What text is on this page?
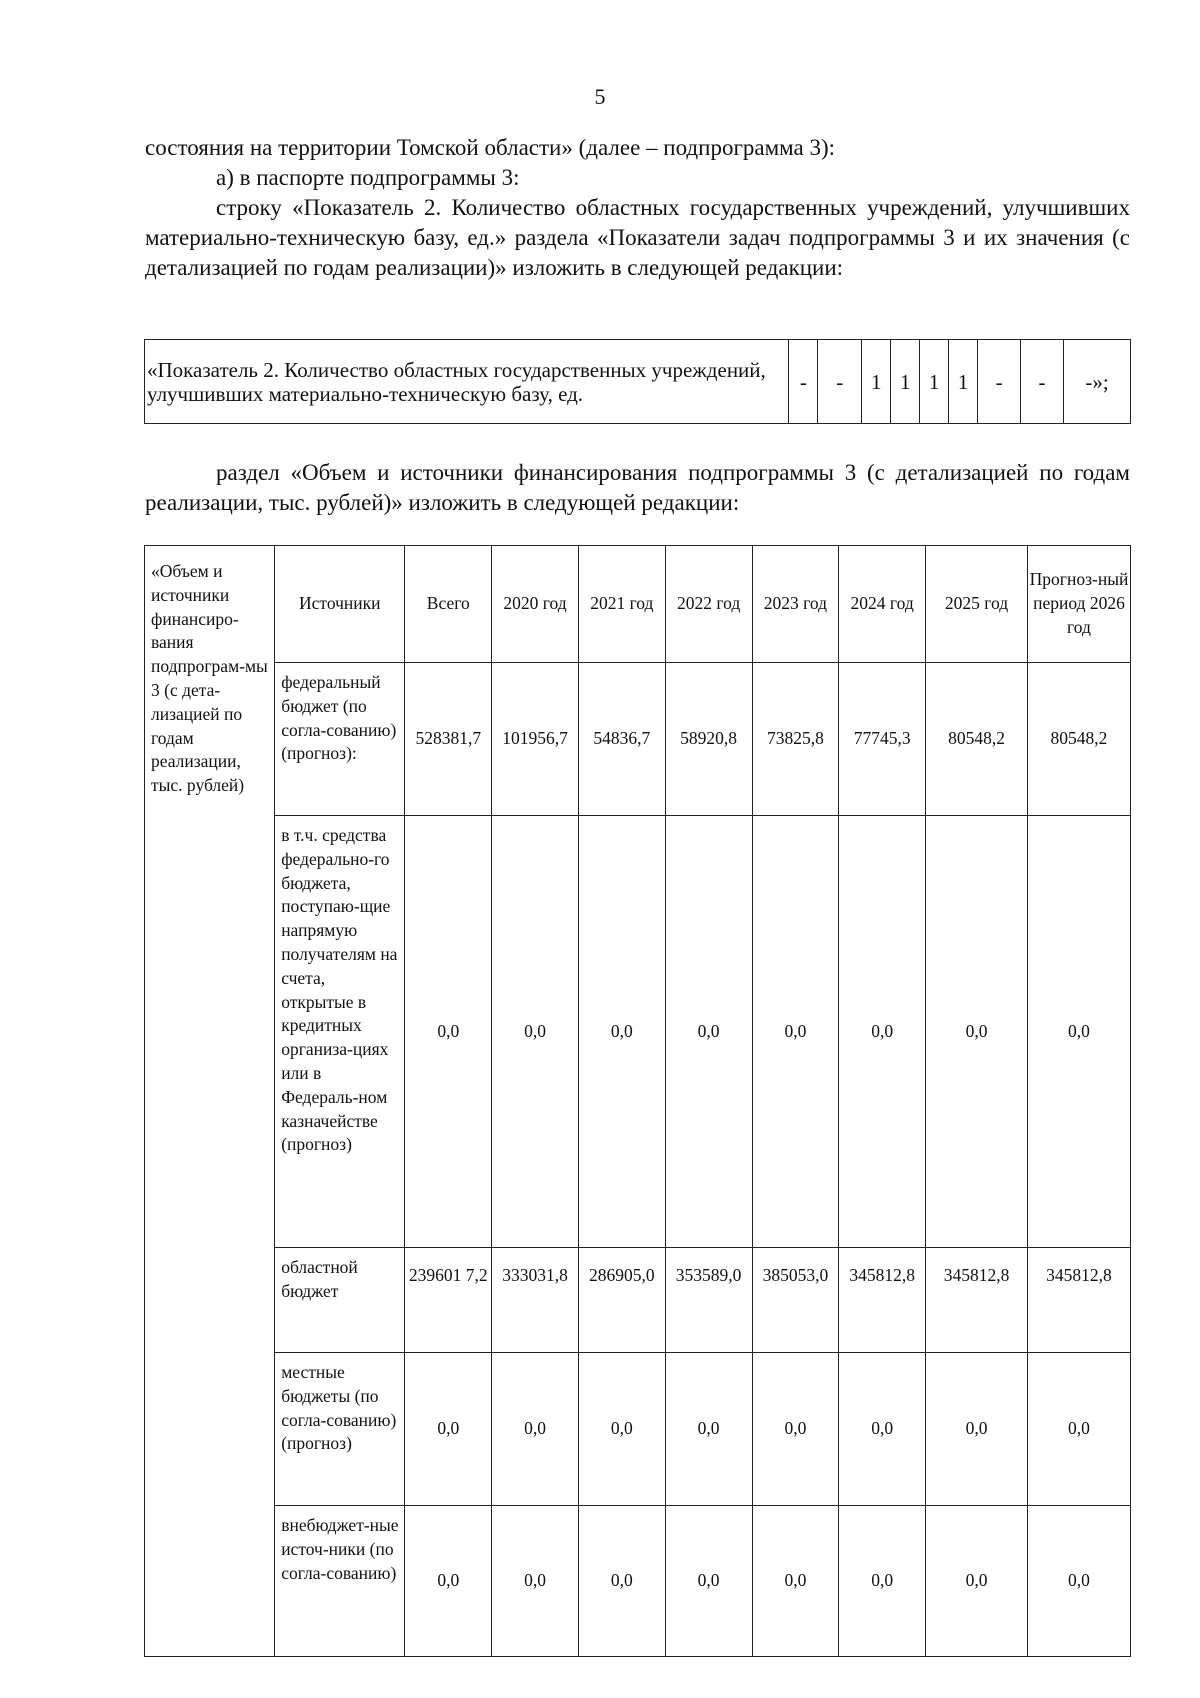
5

состояния на территории Томской области» (далее – подпрограмма 3):

а) в паспорте подпрограммы 3:

строку «Показатель 2. Количество областных государственных учреждений, улучшивших материально-техническую базу, ед.» раздела «Показатели задач подпрограммы 3 и их значения (с детализацией по годам реализации)» изложить в следующей редакции:

«Показатель 2. Количество областных государственных учреждений, улучшивших материально-техническую базу, ед.	-	-	1	1	1	1	-	-	-»;

раздел «Объем и источники финансирования подпрограммы 3 (с детализацией по годам реализации, тыс. рублей)» изложить в следующей редакции:

«Объем и источники финансиро-вания подпрограм-мы 3 (с дета-лизацией по годам реализации, тыс. рублей)	Источники	Всего	2020 год	2021 год	2022 год	2023 год	2024 год	2025 год	Прогноз-ный период 2026 год
	федеральный бюджет (по согла-сованию) (прогноз):	528381,7	101956,7	54836,7	58920,8	73825,8	77745,3	80548,2	80548,2
	в т.ч. средства федерально-го бюджета, поступаю-щие напрямую получателям на счета, открытые в кредитных организа-циях или в Федераль-ном казначействе (прогноз)	0,0	0,0	0,0	0,0	0,0	0,0	0,0	0,0
	областной бюджет	239601 7,2	333031,8	286905,0	353589,0	385053,0	345812,8	345812,8	345812,8
	местные бюджеты (по согла-сованию) (прогноз)	0,0	0,0	0,0	0,0	0,0	0,0	0,0	0,0
	внебюджет-ные источ-ники (по согла-сованию)	0,0	0,0	0,0	0,0	0,0	0,0	0,0	0,0
